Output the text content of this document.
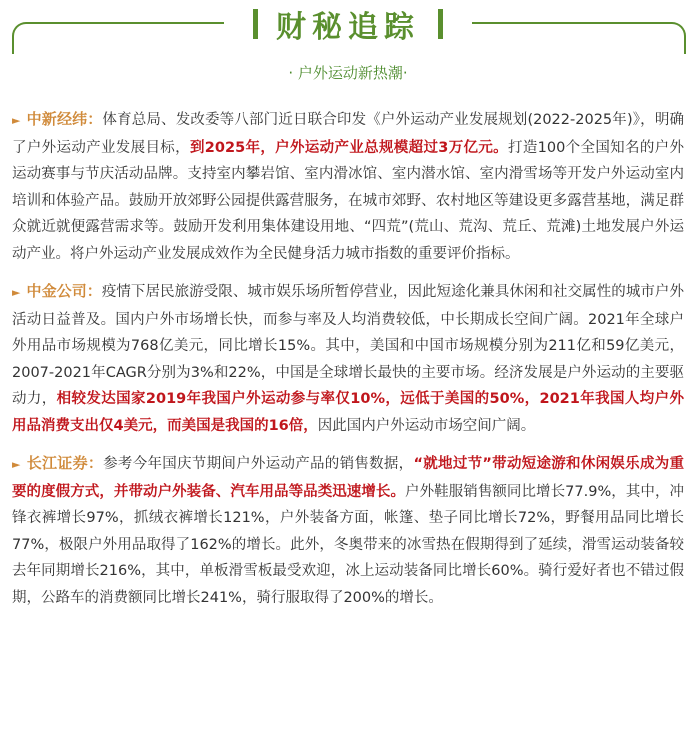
财秘追踪
· 户外运动新热潮·

► 中新经纬：体育总局、发改委等八部门近日联合印发《户外运动产业发展规划(2022-2025年)》，明确了户外运动产业发展目标，到2025年，户外运动产业总规模超过3万亿元。打造100个全国知名的户外运动赛事与节庆活动品牌。支持室内攀岩馆、室内滑冰馆、室内潜水馆、室内滑雪场等开发户外运动室内培训和体验产品。鼓励开放郊野公园提供露营服务，在城市郊野、农村地区等建设更多露营基地，满足群众就近就便露营需求等。鼓励开发利用集体建设用地、“四荒”(荒山、荒沟、荒丘、荒滩)土地发展户外运动产业。将户外运动产业发展成效作为全民健身活力城市指数的重要评价指标。

► 中金公司：疫情下居民旅游受限、城市娱乐场所暂停营业，因此短途化兼具休闲和社交属性的城市户外活动日益普及。国内户外市场增长快，而参与率及人均消费较低，中长期成长空间广阔。2021年全球户外用品市场规模为768亿美元，同比增长15%。其中，美国和中国市场规模分别为211亿和59亿美元，2007-2021年CAGR分别为3%和22%，中国是全球增长最快的主要市场。经济发展是户外运动的主要驱动力，相较发达国家2019年我国户外运动参与率仅10%，远低于美国的50%，2021年我国人均户外用品消费支出仅4美元，而美国是我国的16倍，因此国内户外运动市场空间广阔。

► 长江证券：参考今年国庆节期间户外运动产品的销售数据，“就地过节”带动短途游和休闲娱乐成为重要的度假方式，并带动户外装备、汽车用品等品类迅速增长。户外鞋服销售额同比增长77.9%，其中，冲锋衣裤增长97%，抓绒衣裤增长121%，户外装备方面，帐篷、垫子同比增长72%，野餐用品同比增长77%，极限户外用品取得了162%的增长。此外，冬奥带来的冰雪热在假期得到了延续，滑雪运动装备较去年同期增长216%，其中，单板滑雪板最受欢迎，冰上运动装备同比增长60%。骑行爱好者也不错过假期，公路车的消费额同比增长241%，骑行服取得了200%的增长。
